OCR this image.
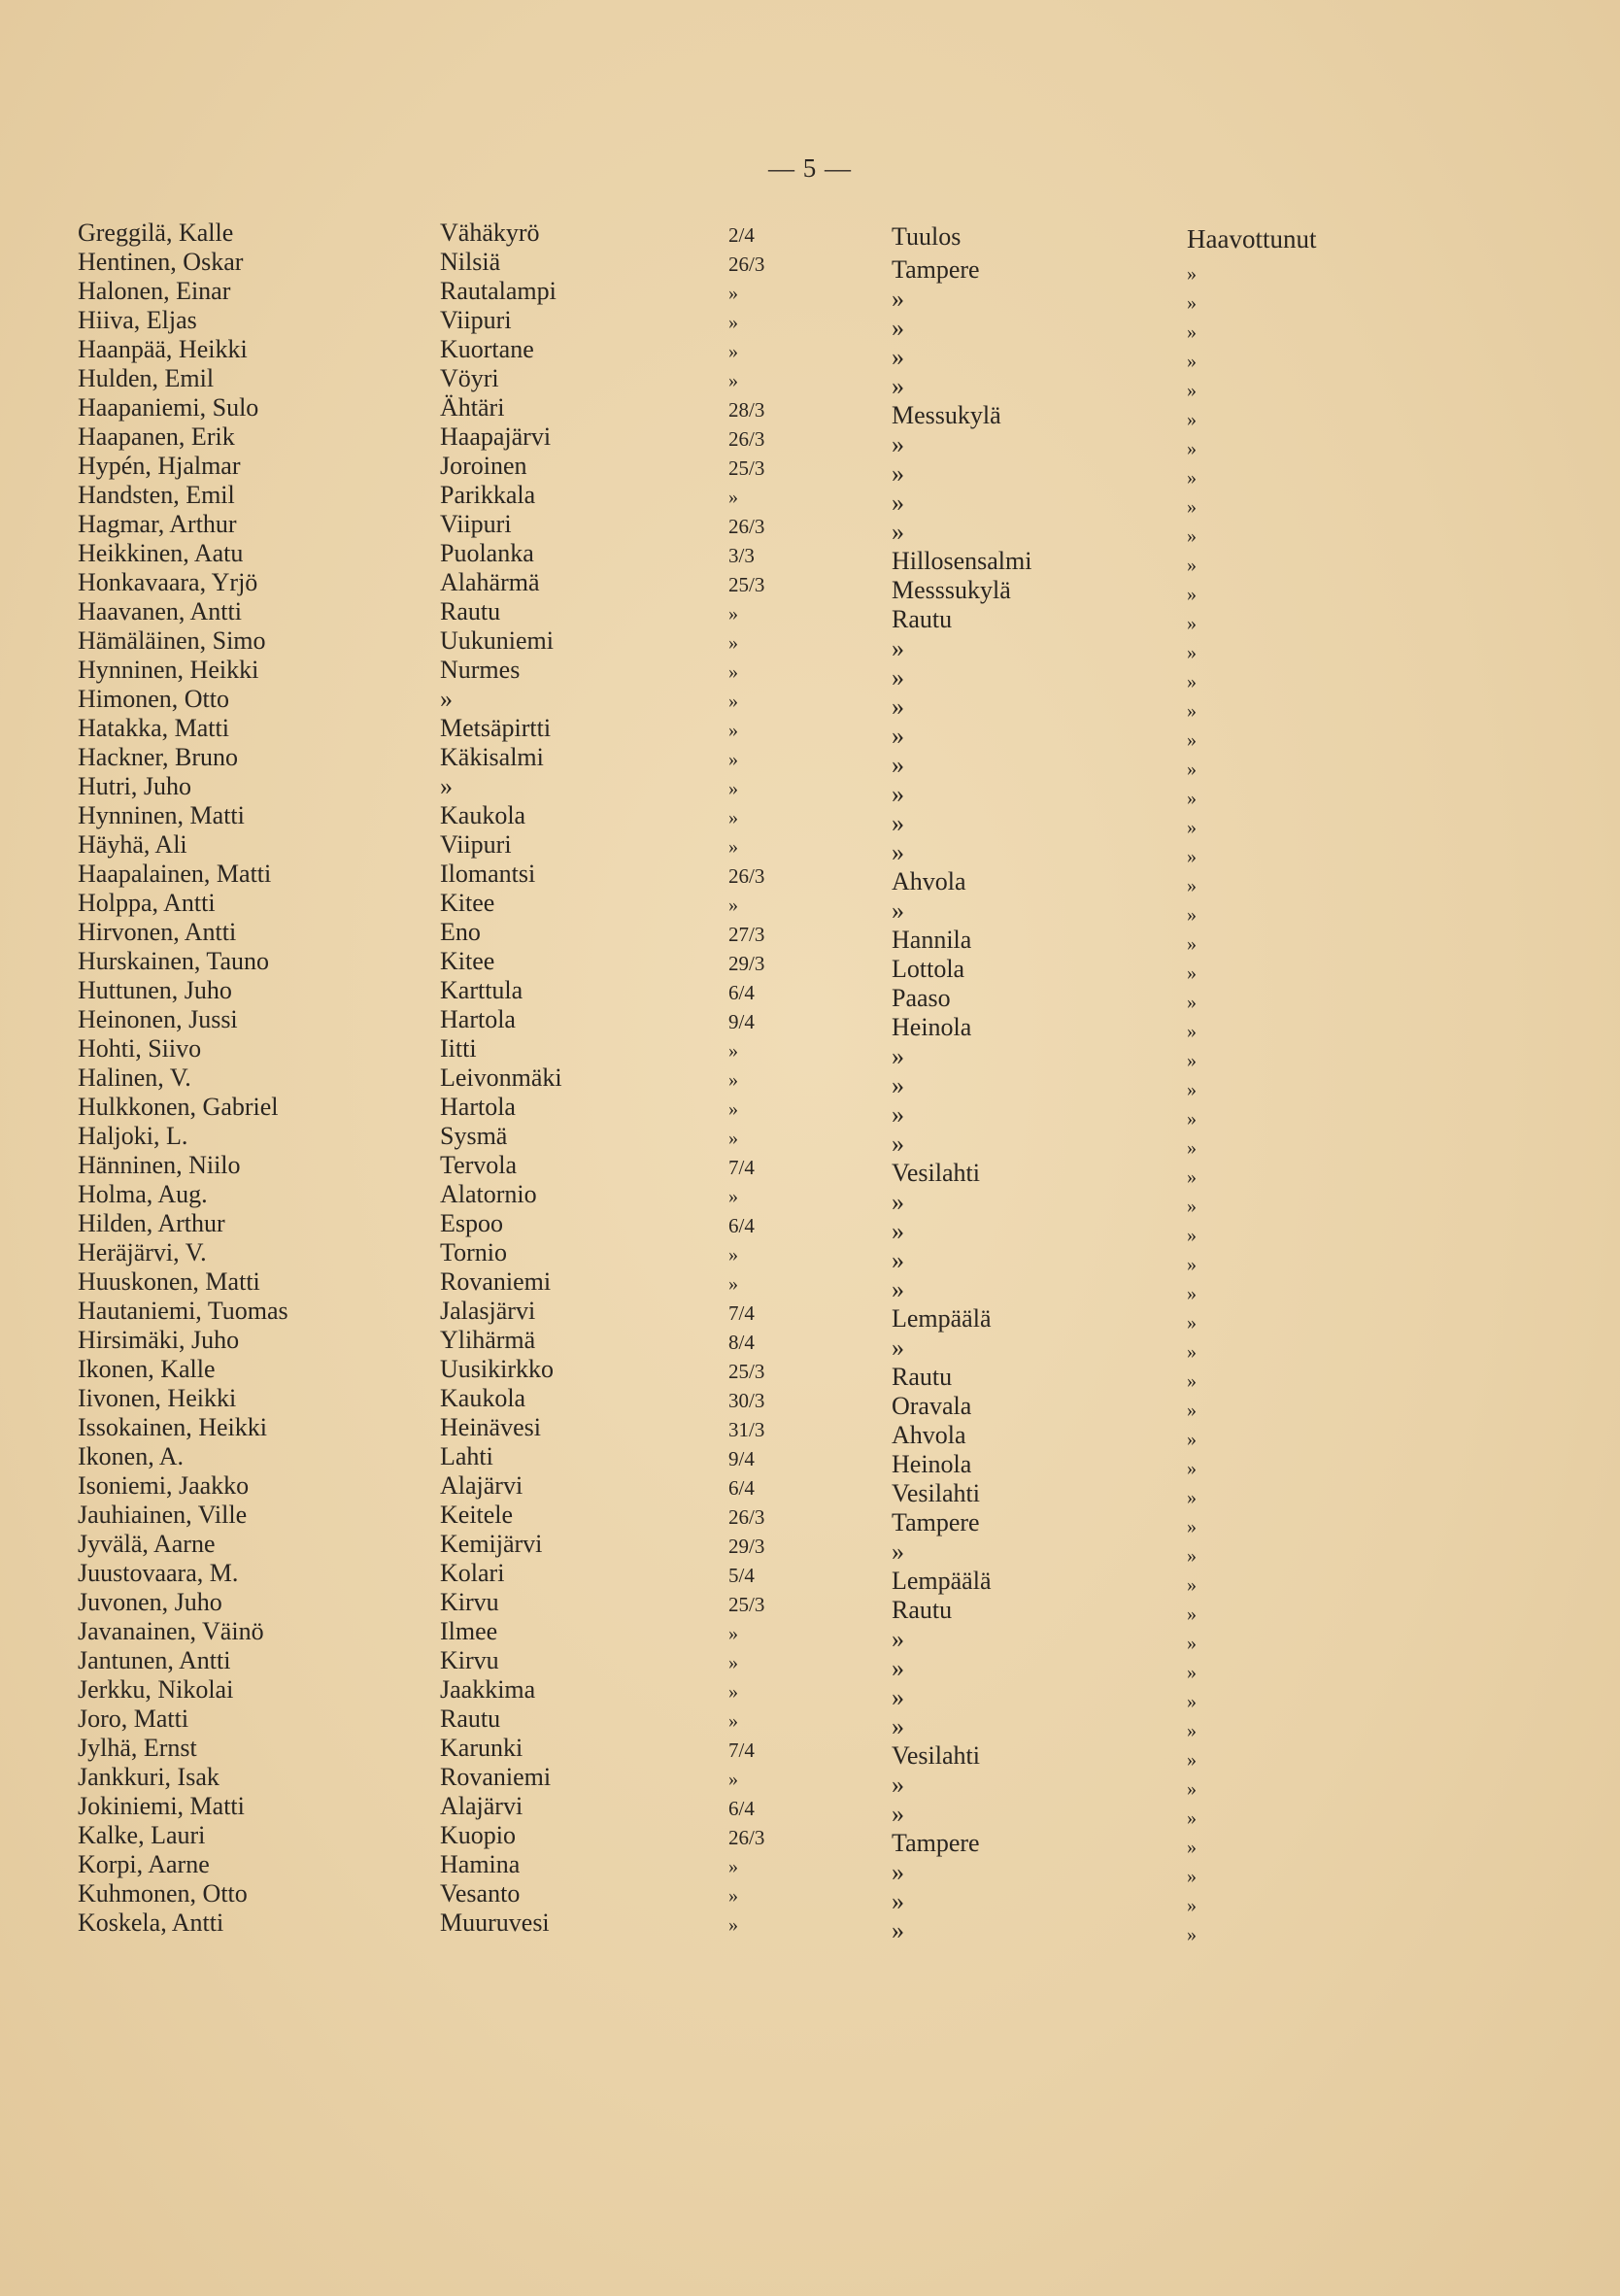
— 5 —
Greggilä, Kalle	Vähäkyrö	2/4	Tuulos	Haavottunut
Hentinen, Oskar	Nilsiä	26/3	Tampere	»
Halonen, Einar	Rautalampi	»	»	»
Hiiva, Eljas	Viipuri	»	»	»
Haanpää, Heikki	Kuortane	»	»	»
Hulden, Emil	Vöyri	»	»	»
Haapaniemi, Sulo	Ähtäri	28/3	Messukylä	»
Haapanen, Erik	Haapajärvi	26/3	»	»
Hypén, Hjalmar	Joroinen	25/3	»	»
Handsten, Emil	Parikkala	»	»	»
Hagmar, Arthur	Viipuri	26/3	»	»
Heikkinen, Aatu	Puolanka	3/3	Hillosensalmi	»
Honkavaara, Yrjö	Alahärmä	25/3	Messsukylä	»
Haavanen, Antti	Rautu	»	Rautu	»
Hämäläinen, Simo	Uukuniemi	»	»	»
Hynninen, Heikki	Nurmes	»	»	»
Himonen, Otto	»	»	»	»
Hatakka, Matti	Metsäpirtti	»	»	»
Hackner, Bruno	Käkisalmi	»	»	»
Hutri, Juho	»	»	»	»
Hynninen, Matti	Kaukola	»	»	»
Häyhä, Ali	Viipuri	»	»	»
Haapalainen, Matti	Ilomantsi	26/3	Ahvola	»
Holppa, Antti	Kitee	»	»	»
Hirvonen, Antti	Eno	27/3	Hannila	»
Hurskainen, Tauno	Kitee	29/3	Lottola	»
Huttunen, Juho	Karttula	6/4	Paaso	»
Heinonen, Jussi	Hartola	9/4	Heinola	»
Hohti, Siivo	Iitti	»	»	»
Halinen, V.	Leivonmäki	»	»	»
Hulkkonen, Gabriel	Hartola	»	»	»
Haljoki, L.	Sysmä	»	»	»
Hänninen, Niilo	Tervola	7/4	Vesilahti	»
Holma, Aug.	Alatornio	»	»	»
Hilden, Arthur	Espoo	6/4	»	»
Heräjärvi, V.	Tornio	»	»	»
Huuskonen, Matti	Rovaniemi	»	»	»
Hautaniemi, Tuomas	Jalasjärvi	7/4	Lempäälä	»
Hirsimäki, Juho	Ylihärmä	8/4	»	»
Ikonen, Kalle	Uusikirkko	25/3	Rautu	»
Iivonen, Heikki	Kaukola	30/3	Oravala	»
Issokainen, Heikki	Heinävesi	31/3	Ahvola	»
Ikonen, A.	Lahti	9/4	Heinola	»
Isoniemi, Jaakko	Alajärvi	6/4	Vesilahti	»
Jauhiainen, Ville	Keitele	26/3	Tampere	»
Jyvälä, Aarne	Kemijärvi	29/3	»	»
Juustovaara, M.	Kolari	5/4	Lempäälä	»
Juvonen, Juho	Kirvu	25/3	Rautu	»
Javanainen, Väinö	Ilmee	»	»	»
Jantunen, Antti	Kirvu	»	»	»
Jerkku, Nikolai	Jaakkima	»	»	»
Joro, Matti	Rautu	»	»	»
Jylhä, Ernst	Karunki	7/4	Vesilahti	»
Jankkuri, Isak	Rovaniemi	»	»	»
Jokiniemi, Matti	Alajärvi	6/4	»	»
Kalke, Lauri	Kuopio	26/3	Tampere	»
Korpi, Aarne	Hamina	»	»	»
Kuhmonen, Otto	Vesanto	»	»	»
Koskela, Antti	Muuruvesi	»	»	»
